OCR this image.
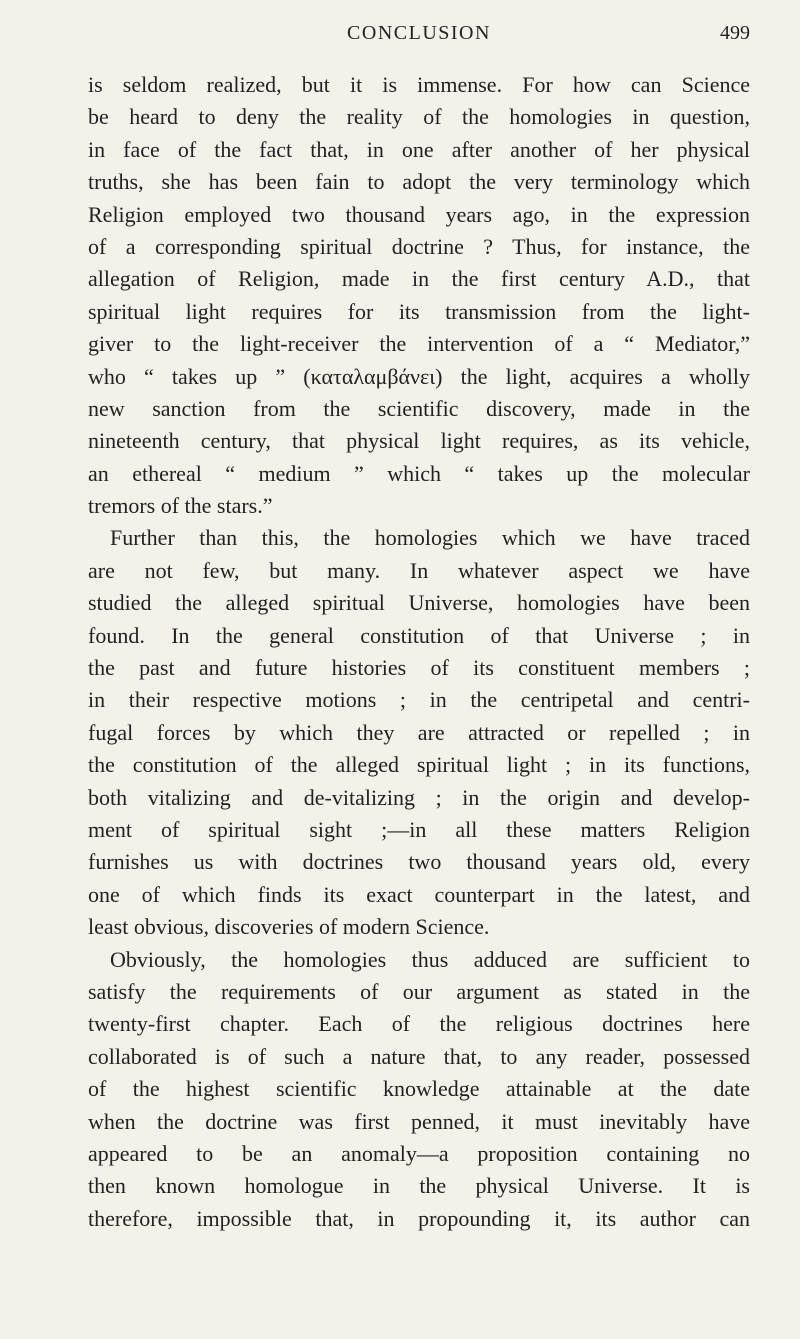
CONCLUSION	499
is seldom realized, but it is immense. For how can Science
be heard to deny the reality of the homologies in question,
in face of the fact that, in one after another of her physical
truths, she has been fain to adopt the very terminology which
Religion employed two thousand years ago, in the expression
of a corresponding spiritual doctrine ? Thus, for instance, the
allegation of Religion, made in the first century A.D., that
spiritual light requires for its transmission from the light-
giver to the light-receiver the intervention of a “ Mediator,”
who “ takes up ” (καταλαμβάνει) the light, acquires a wholly
new sanction from the scientific discovery, made in the
nineteenth century, that physical light requires, as its vehicle,
an ethereal “ medium ” which “ takes up the molecular
tremors of the stars.”
Further than this, the homologies which we have traced
are not few, but many. In whatever aspect we have
studied the alleged spiritual Universe, homologies have been
found. In the general constitution of that Universe ; in
the past and future histories of its constituent members ;
in their respective motions ; in the centripetal and centri-
fugal forces by which they are attracted or repelled ; in
the constitution of the alleged spiritual light ; in its functions,
both vitalizing and de-vitalizing ; in the origin and develop-
ment of spiritual sight ;—in all these matters Religion
furnishes us with doctrines two thousand years old, every
one of which finds its exact counterpart in the latest, and
least obvious, discoveries of modern Science.
Obviously, the homologies thus adduced are sufficient to
satisfy the requirements of our argument as stated in the
twenty-first chapter. Each of the religious doctrines here
collaborated is of such a nature that, to any reader, possessed
of the highest scientific knowledge attainable at the date
when the doctrine was first penned, it must inevitably have
appeared to be an anomaly—a proposition containing no
then known homologue in the physical Universe. It is
therefore, impossible that, in propounding it, its author can
